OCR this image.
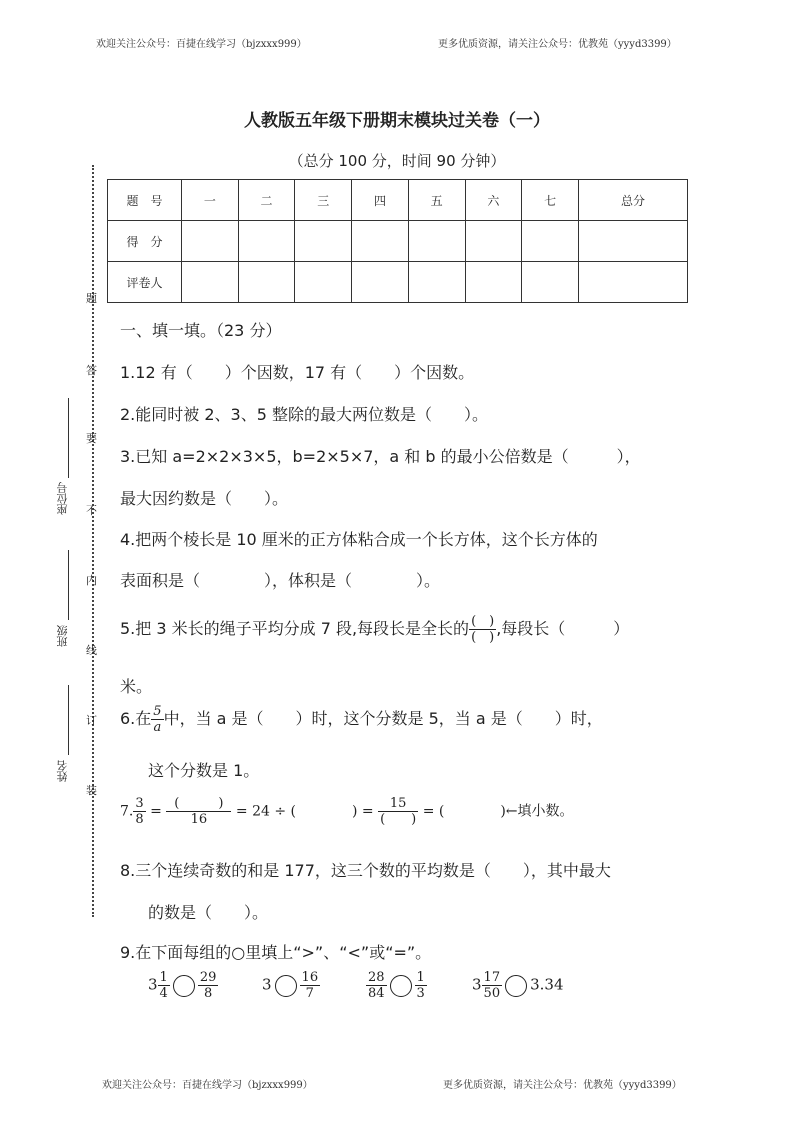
欢迎关注公众号：百捷在线学习（bjzxxx999）	更多优质资源，请关注公众号：优教苑（yyyd3399）
欢迎关注公众号：百捷在线学习（bjzxxx999）	更多优质资源，请关注公众号：优教苑（yyyd3399）
人教版五年级下册期末模块过关卷（一）
（总分 100 分，时间 90 分钟）
题　号	一	二	三	四	五	六	七	总分
得　分								
评卷人								
题
答
要
不
内
线
订
装
座位号
班级
姓名
一、填一填。（23 分）
1.12 有（　　）个因数，17 有（　　）个因数。
2.能同时被 2、3、5 整除的最大两位数是（　　）。
3.已知 a=2×2×3×5，b=2×5×7，a 和 b 的最小公倍数是（　　　），
最大因约数是（　　）。
4.把两个棱长是 10 厘米的正方体粘合成一个长方体，这个长方体的
表面积是（　　　　），体积是（　　　　）。
5.把 3 米长的绳子平均分成 7 段,每段长是全长的 $\frac{( )}{( )}$ ,每段长（　　　）
米。
6.在 $\frac{5}{a}$ 中，当 a 是（　　）时，这个分数是 5，当 a 是（　　）时，
这个分数是 1。
7. $\frac{3}{8} = \frac{( )}{16} = 24$ ÷ (　　　　) = $\frac{15}{( )}$ = (　　　　)←填小数。
8.三个连续奇数的和是 177，这三个数的平均数是（　　），其中最大
的数是（　　）。
9.在下面每组的○里填上“>”、“<”或“=”。
$3 \frac{1}{4} \frac{29}{8}$	$3 \frac{16}{7}$	$\frac{28}{84} \frac{1}{3}$	$3 \frac{17}{50} 3.34$
